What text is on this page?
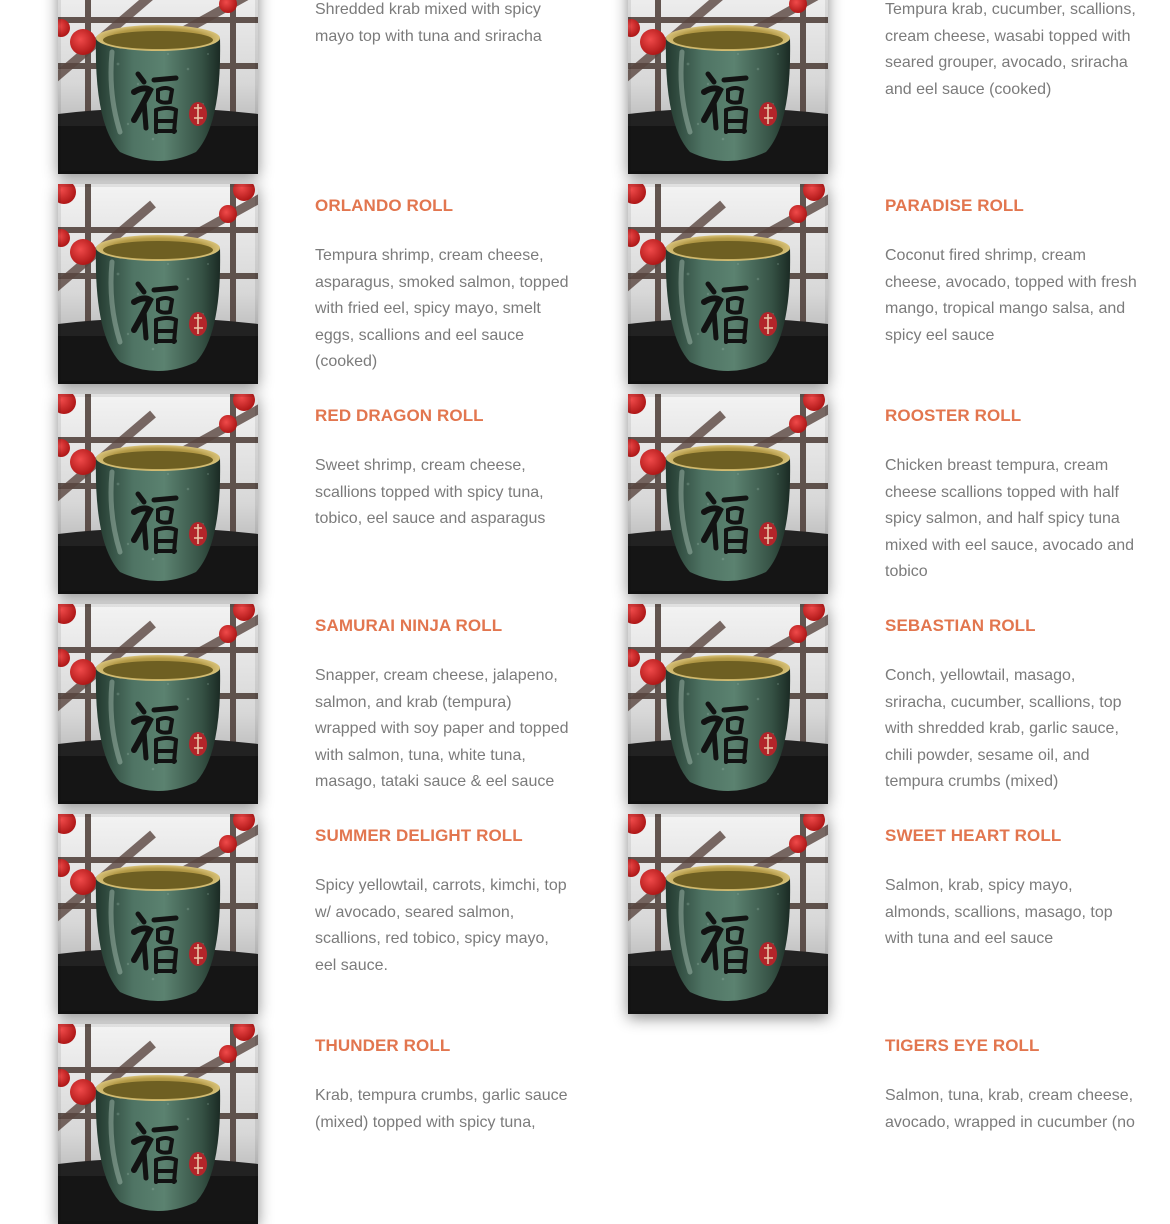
Shredded krab mixed with spicy mayo top with tuna and sriracha

Tempura krab, cucumber, scallions, cream cheese, wasabi topped with seared grouper, avocado, sriracha and eel sauce (cooked)

ORLANDO ROLL

Tempura shrimp, cream cheese, asparagus, smoked salmon, topped with fried eel, spicy mayo, smelt eggs, scallions and eel sauce (cooked)

PARADISE ROLL

Coconut fired shrimp, cream cheese, avocado, topped with fresh mango, tropical mango salsa, and spicy eel sauce

RED DRAGON ROLL

Sweet shrimp, cream cheese, scallions topped with spicy tuna, tobico, eel sauce and asparagus

ROOSTER ROLL

Chicken breast tempura, cream cheese scallions topped with half spicy salmon, and half spicy tuna mixed with eel sauce, avocado and tobico

SAMURAI NINJA ROLL

Snapper, cream cheese, jalapeno, salmon, and krab (tempura) wrapped with soy paper and topped with salmon, tuna, white tuna, masago, tataki sauce & eel sauce

SEBASTIAN ROLL

Conch, yellowtail, masago, sriracha, cucumber, scallions, top with shredded krab, garlic sauce, chili powder, sesame oil, and tempura crumbs (mixed)

SUMMER DELIGHT ROLL

Spicy yellowtail, carrots, kimchi, top w/ avocado, seared salmon, scallions, red tobico, spicy mayo, eel sauce.

SWEET HEART ROLL

Salmon, krab, spicy mayo, almonds, scallions, masago, top with tuna and eel sauce

THUNDER ROLL

Krab, tempura crumbs, garlic sauce (mixed) topped with spicy tuna,

TIGERS EYE ROLL

Salmon, tuna, krab, cream cheese, avocado, wrapped in cucumber (no
